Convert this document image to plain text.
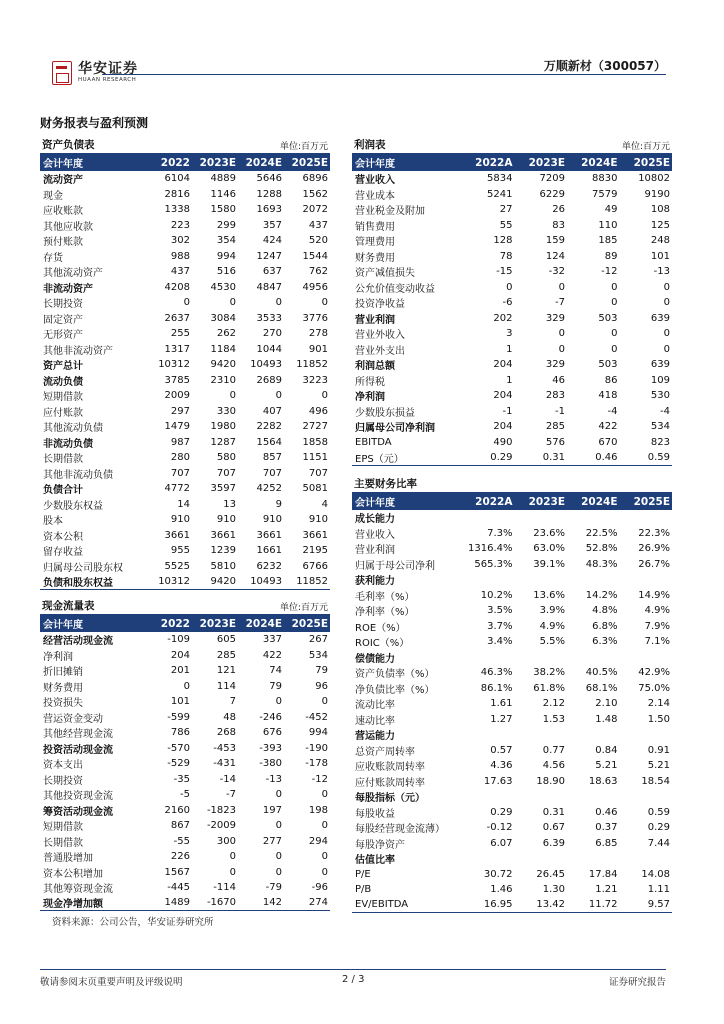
华安证券
HUAAN RESEARCH
万顺新材（300057）
财务报表与盈利预测
资产负债表	单位:百万元
会计年度	2022 2023E 2024E 2025E
流动资产	6104	4889	5646	6896
现金	2816	1146	1288	1562
应收账款	1338	1580	1693	2072
其他应收款	223	299	357	437
预付账款	302	354	424	520
存货	988	994	1247	1544
其他流动资产	437	516	637	762
非流动资产	4208	4530	4847	4956
长期投资	0	0	0	0
固定资产	2637	3084	3533	3776
无形资产	255	262	270	278
其他非流动资产	1317	1184	1044	901
资产总计	10312	9420	10493	11852
流动负债	3785	2310	2689	3223
短期借款	2009	0	0	0
应付账款	297	330	407	496
其他流动负债	1479	1980	2282	2727
非流动负债	987	1287	1564	1858
长期借款	280	580	857	1151
其他非流动负债	707	707	707	707
负债合计	4772	3597	4252	5081
少数股东权益	14	13	9	4
股本	910	910	910	910
资本公积	3661	3661	3661	3661
留存收益	955	1239	1661	2195
归属母公司股东权	5525	5810	6232	6766
负债和股东权益	10312	9420	10493	11852
现金流量表	单位:百万元
会计年度	2022 2023E 2024E 2025E
经营活动现金流	-109	605	337	267
净利润	204	285	422	534
折旧摊销	201	121	74	79
财务费用	0	114	79	96
投资损失	101	7	0	0
营运资金变动	-599	48	-246	-452
其他经营现金流	786	268	676	994
投资活动现金流	-570	-453	-393	-190
资本支出	-529	-431	-380	-178
长期投资	-35	-14	-13	-12
其他投资现金流	-5	-7	0	0
筹资活动现金流	2160	-1823	197	198
短期借款	867	-2009	0	0
长期借款	-55	300	277	294
普通股增加	226	0	0	0
资本公积增加	1567	0	0	0
其他筹资现金流	-445	-114	-79	-96
现金净增加额	1489	-1670	142	274
利润表	单位:百万元
会计年度	2022A	2023E	2024E	2025E
营业收入	5834	7209	8830	10802
营业成本	5241	6229	7579	9190
营业税金及附加	27	26	49	108
销售费用	55	83	110	125
管理费用	128	159	185	248
财务费用	78	124	89	101
资产减值损失	-15	-32	-12	-13
公允价值变动收益	0	0	0	0
投资净收益	-6	-7	0	0
营业利润	202	329	503	639
营业外收入	3	0	0	0
营业外支出	1	0	0	0
利润总额	204	329	503	639
所得税	1	46	86	109
净利润	204	283	418	530
少数股东损益	-1	-1	-4	-4
归属母公司净利润	204	285	422	534
EBITDA	490	576	670	823
EPS（元）	0.29	0.31	0.46	0.59
主要财务比率
会计年度	2022A	2023E	2024E	2025E
成长能力
营业收入	7.3%	23.6%	22.5%	22.3%
营业利润	1316.4%	63.0%	52.8%	26.9%
归属于母公司净利	565.3%	39.1%	48.3%	26.7%
获利能力
毛利率（%）	10.2%	13.6%	14.2%	14.9%
净利率（%）	3.5%	3.9%	4.8%	4.9%
ROE（%）	3.7%	4.9%	6.8%	7.9%
ROIC（%）	3.4%	5.5%	6.3%	7.1%
偿债能力
资产负债率（%）	46.3%	38.2%	40.5%	42.9%
净负债比率（%）	86.1%	61.8%	68.1%	75.0%
流动比率	1.61	2.12	2.10	2.14
速动比率	1.27	1.53	1.48	1.50
营运能力
总资产周转率	0.57	0.77	0.84	0.91
应收账款周转率	4.36	4.56	5.21	5.21
应付账款周转率	17.63	18.90	18.63	18.54
每股指标（元）
每股收益	0.29	0.31	0.46	0.59
每股经营现金流薄）	-0.12	0.67	0.37	0.29
每股净资产	6.07	6.39	6.85	7.44
估值比率
P/E	30.72	26.45	17.84	14.08
P/B	1.46	1.30	1.21	1.11
EV/EBITDA	16.95	13.42	11.72	9.57
资料来源：公司公告，华安证券研究所
敬请参阅末页重要声明及评级说明	2 / 3	证券研究报告
